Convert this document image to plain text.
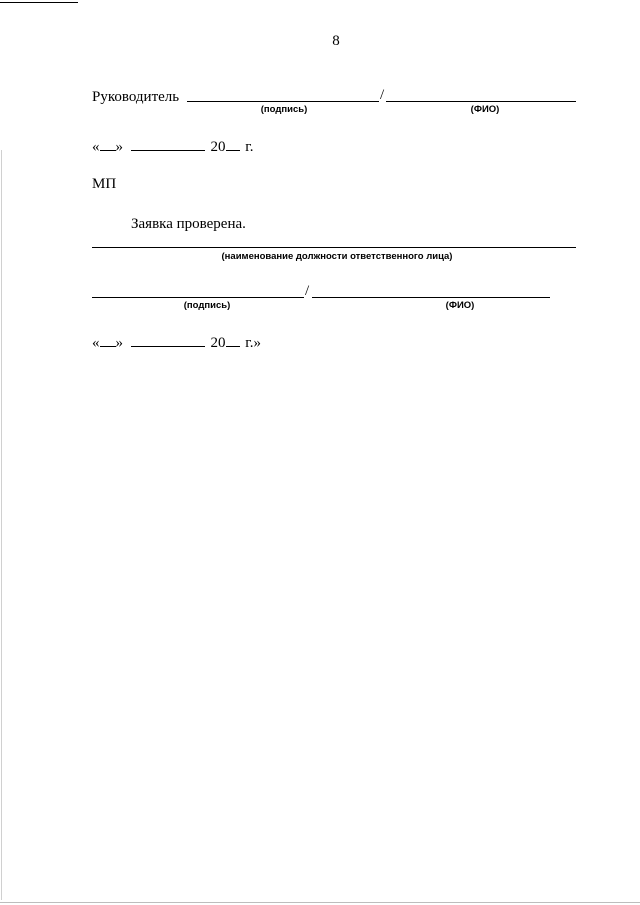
8
Руководитель	/
(подпись)	(ФИО)
« »	20 г.
МП
Заявка проверена.
(наименование должности ответственного лица)
/
(подпись)	(ФИО)
« »	20 г.»
